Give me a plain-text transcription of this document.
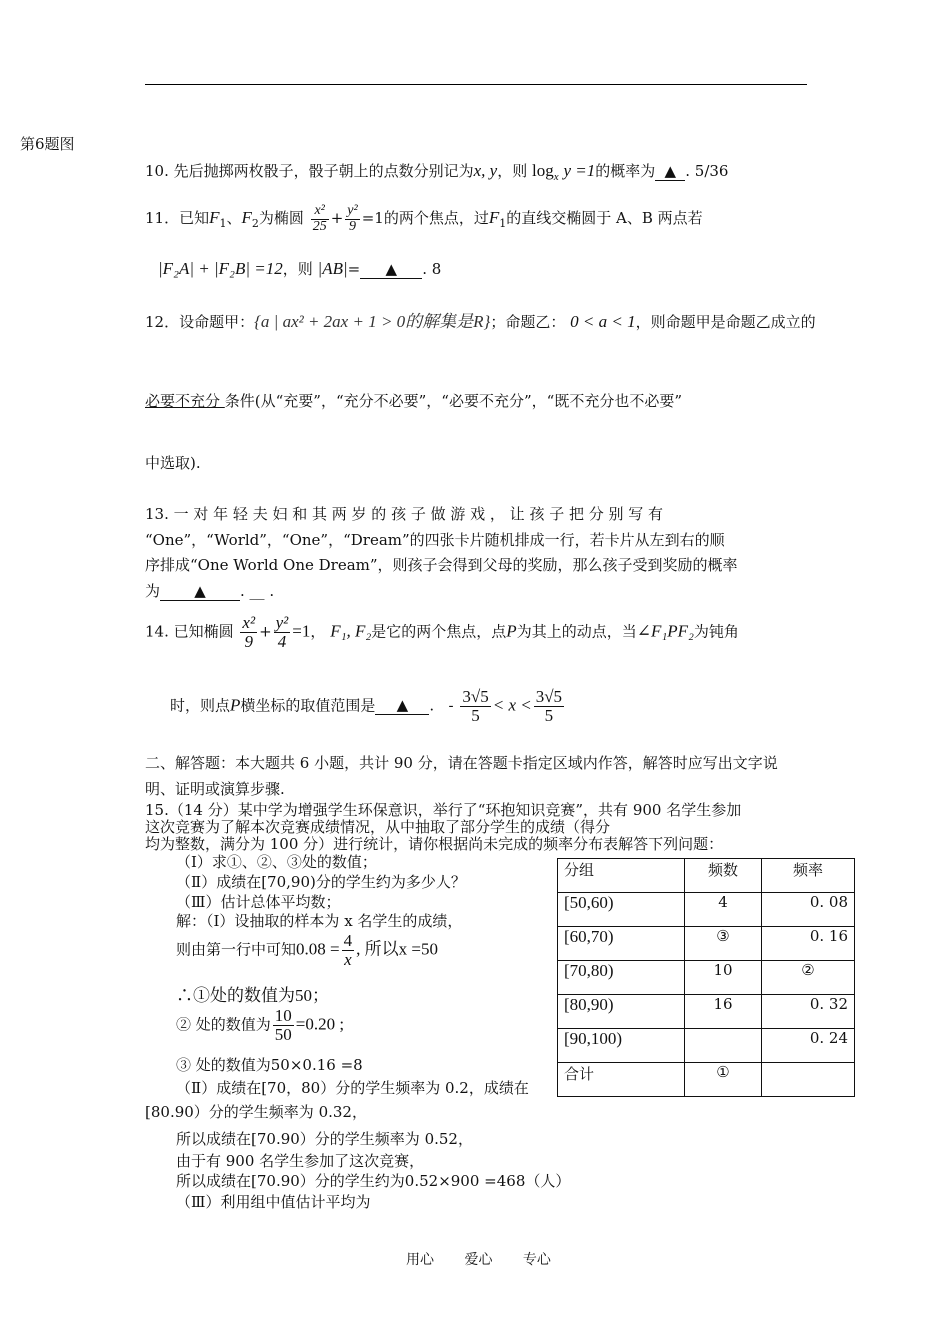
第6题图
10. 先后抛掷两枚骰子，骰子朝上的点数分别记为x, y，则 $\log_x y =1$的概率为 ▲ . 5/36
11．已知$F_1$、$F_2$为椭圆 $\frac{\text{x²}}{25} + \frac{\text{y²}}{9} =1$的两个焦点，过$F_1$的直线交椭圆于 A、B 两点若
|F₂A| + |F₂B| =12，则 |AB|= ▲ . 8
12．设命题甲：{a | ax² + 2ax + 1 > 0的解集是R}；命题乙： 0 < a < 1，则命题甲是命题乙成立的
必要不充分 条件(从“充要”，“充分不必要”，“必要不充分”，“既不充分也不必要”
中选取).
13. 一 对 年 轻 夫 妇 和 其 两 岁 的 孩 子 做 游 戏 ， 让 孩 子 把 分 别 写 有
“One”，“World”，“One”，“Dream”的四张卡片随机排成一行，若卡片从左到右的顺
序排成“One World One Dream”，则孩子会得到父母的奖励，那么孩子受到奖励的概率
为 ▲ . __ .
14. 已知椭圆 $\frac{\text{x²}}{9} + \frac{\text{y²}}{4} =1$， F₁, F₂是它的两个焦点，点P为其上的动点，当∠F₁PF₂为钝角
时，则点P横坐标的取值范围是 ▲ . - $\frac{3√5}{5} < x < \frac{3√5}{5}$
二、解答题：本大题共 6 小题，共计 90 分，请在答题卡指定区域内作答，解答时应写出文字说
明、证明或演算步骤.
15.（14 分）某中学为增强学生环保意识，举行了“环抱知识竞赛”，共有 900 名学生参加
这次竞赛为了解本次竞赛成绩情况，从中抽取了部分学生的成绩（得分
均为整数，满分为 100 分）进行统计，请你根据尚未完成的频率分布表解答下列问题：
（Ⅰ）求①、②、③处的数值；
（Ⅱ）成绩在[70,90)分的学生约为多少人？
（Ⅲ）估计总体平均数；
解：（Ⅰ）设抽取的样本为 x 名学生的成绩，
则由第一行中可知$0.08 = \frac{4}{x}$ , 所以x =50
∴①处的数值为50；
② 处的数值为 $\frac{10}{50} =0.20$ ;
③ 处的数值为50×0.16 =8
（Ⅱ）成绩在[70，80）分的学生频率为 0.2，成绩在
[80.90）分的学生频率为 0.32，
所以成绩在[70.90）分的学生频率为 0.52，
由于有 900 名学生参加了这次竞赛，
所以成绩在[70.90）分的学生约为0.52×900 =468（人）
（Ⅲ）利用组中值估计平均为
分组	频数	频率
[50,60)	4	0. 08
[60,70)	③	0. 16
[70,80)	10	②
[80,90)	16	0. 32
[90,100)		0. 24
合计	①	
用心 爱心 专心
